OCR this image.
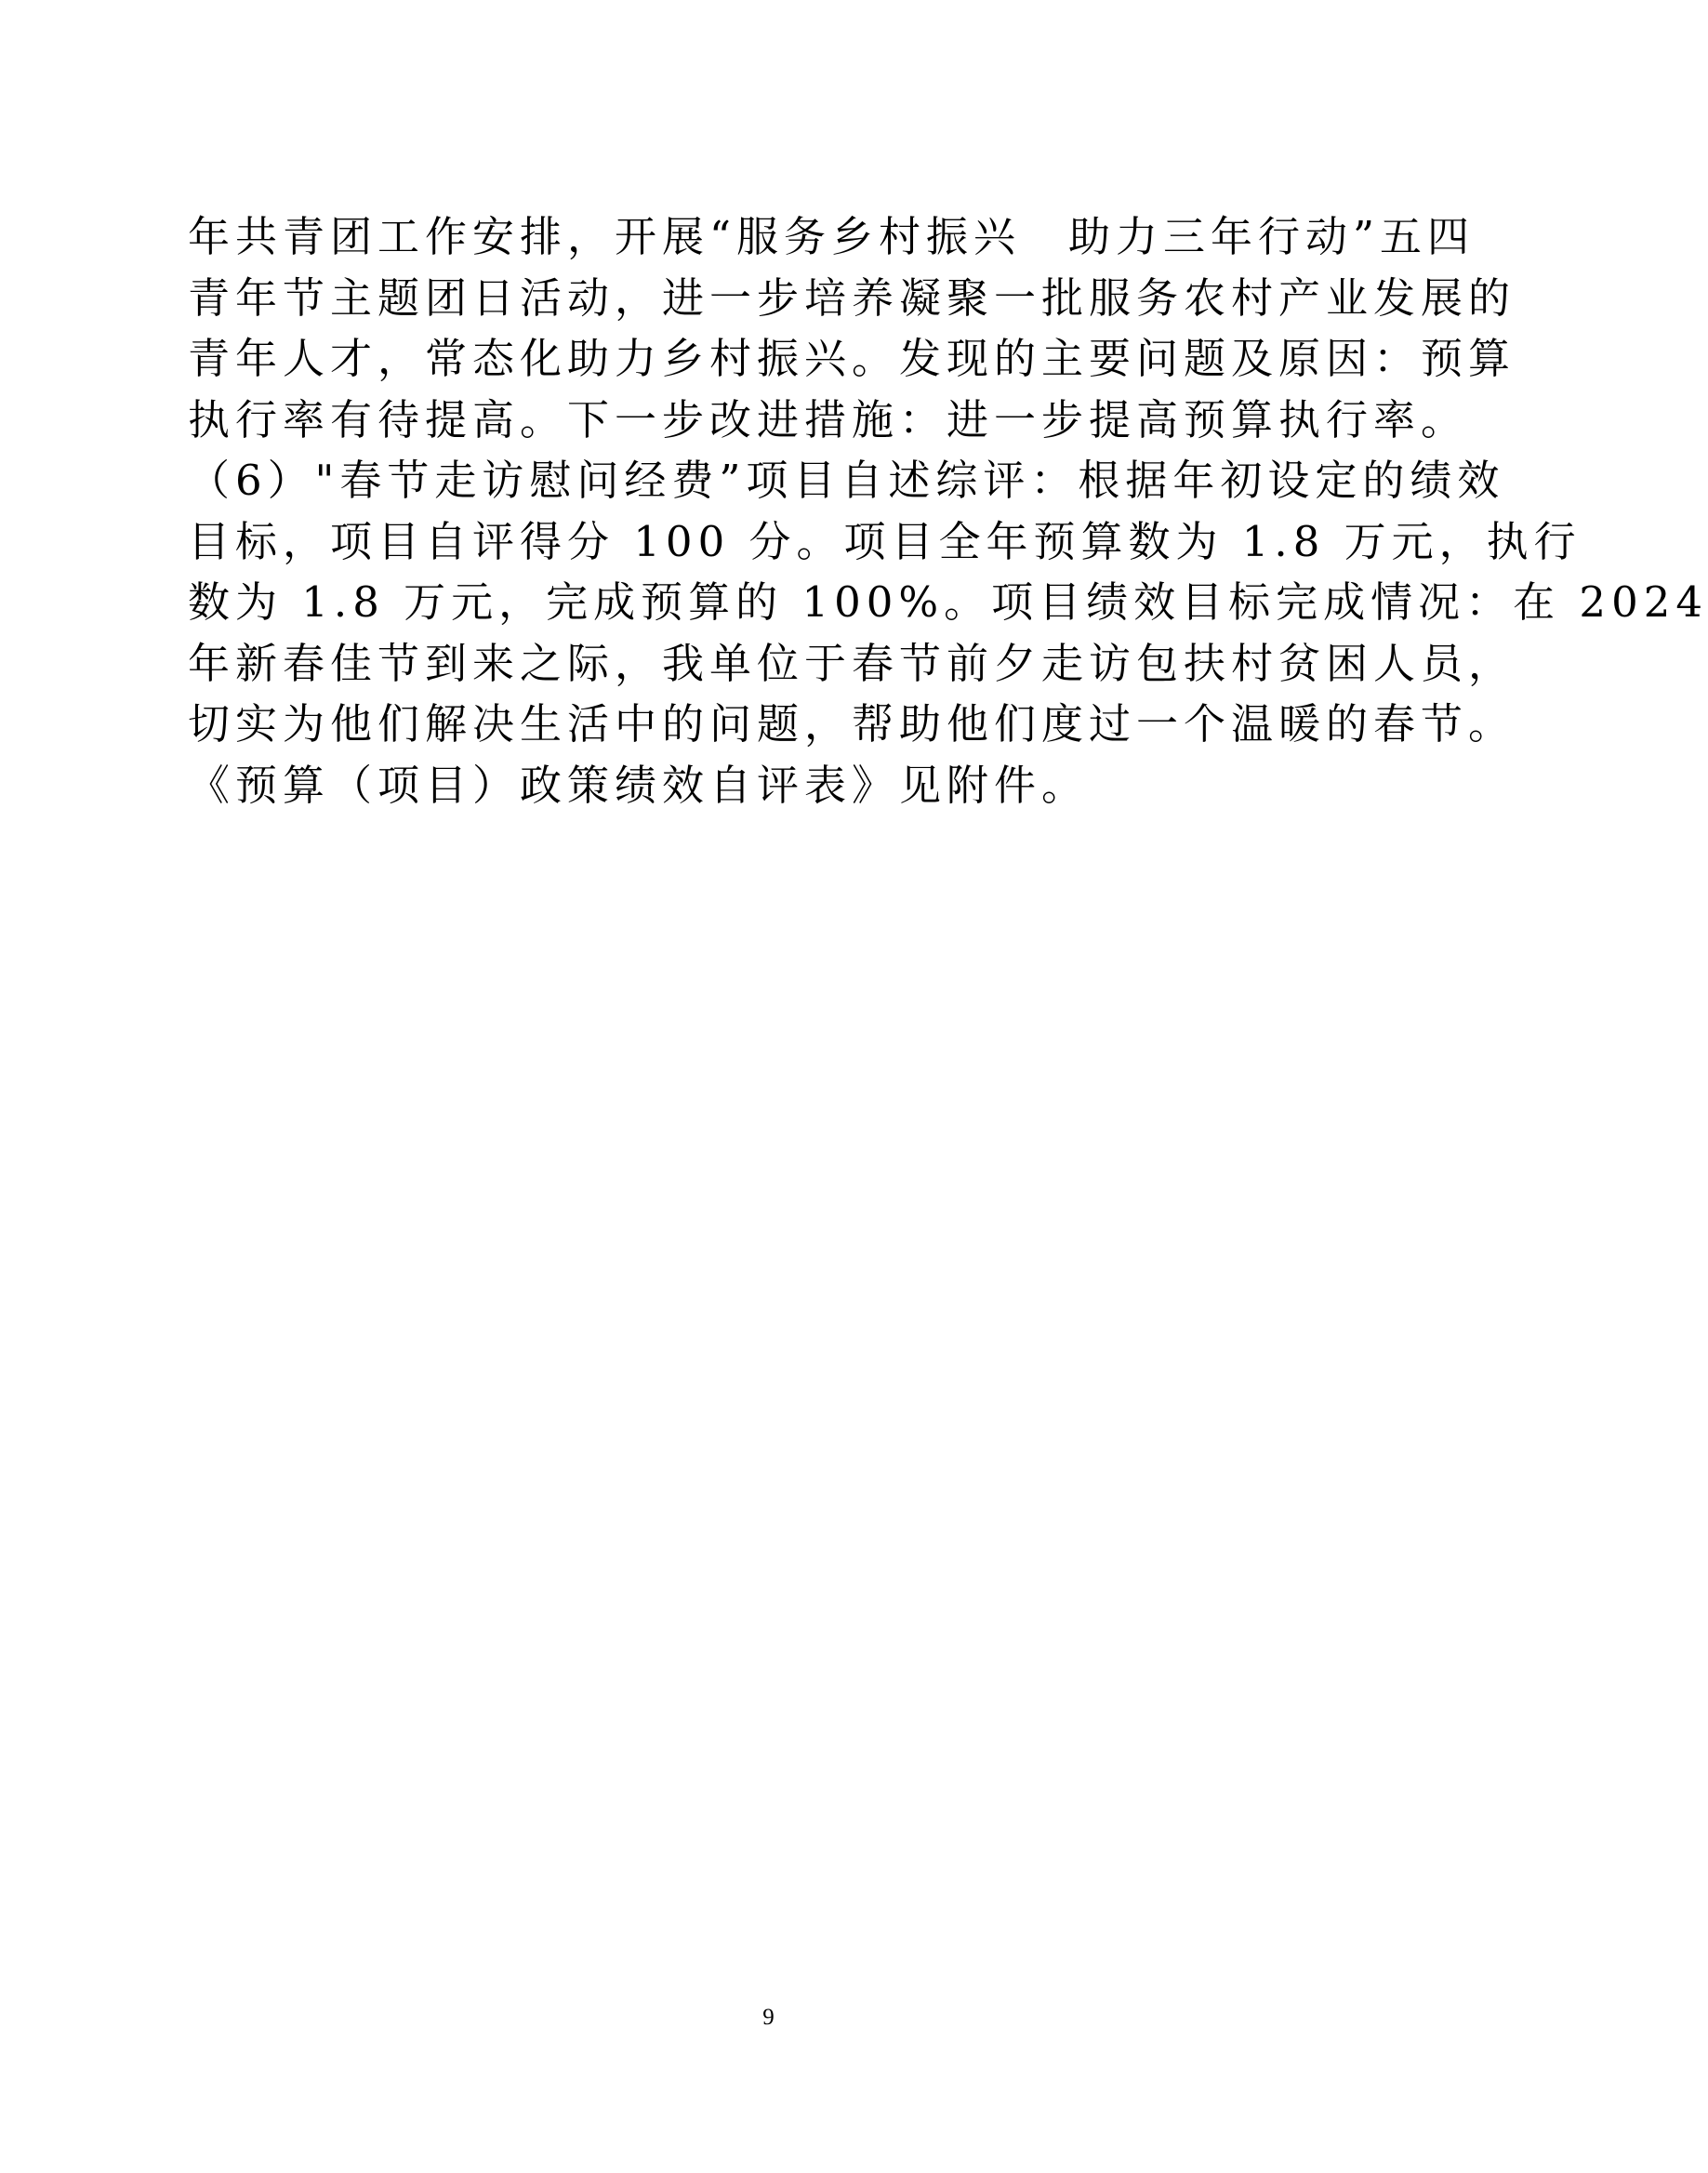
年共青团工作安排，开展“服务乡村振兴　助力三年行动”五四
青年节主题团日活动，进一步培养凝聚一批服务农村产业发展的
青年人才，常态化助力乡村振兴。发现的主要问题及原因：预算
执行率有待提高。下一步改进措施：进一步提高预算执行率。
（6）"春节走访慰问经费”项目自述综评：根据年初设定的绩效
目标，项目自评得分 100 分。项目全年预算数为 1.8 万元，执行
数为 1.8 万元，完成预算的 100%。项目绩效目标完成情况：在 2024
年新春佳节到来之际，我单位于春节前夕走访包扶村贫困人员，
切实为他们解决生活中的问题，帮助他们度过一个温暖的春节。
《预算（项目）政策绩效自评表》见附件。
9
